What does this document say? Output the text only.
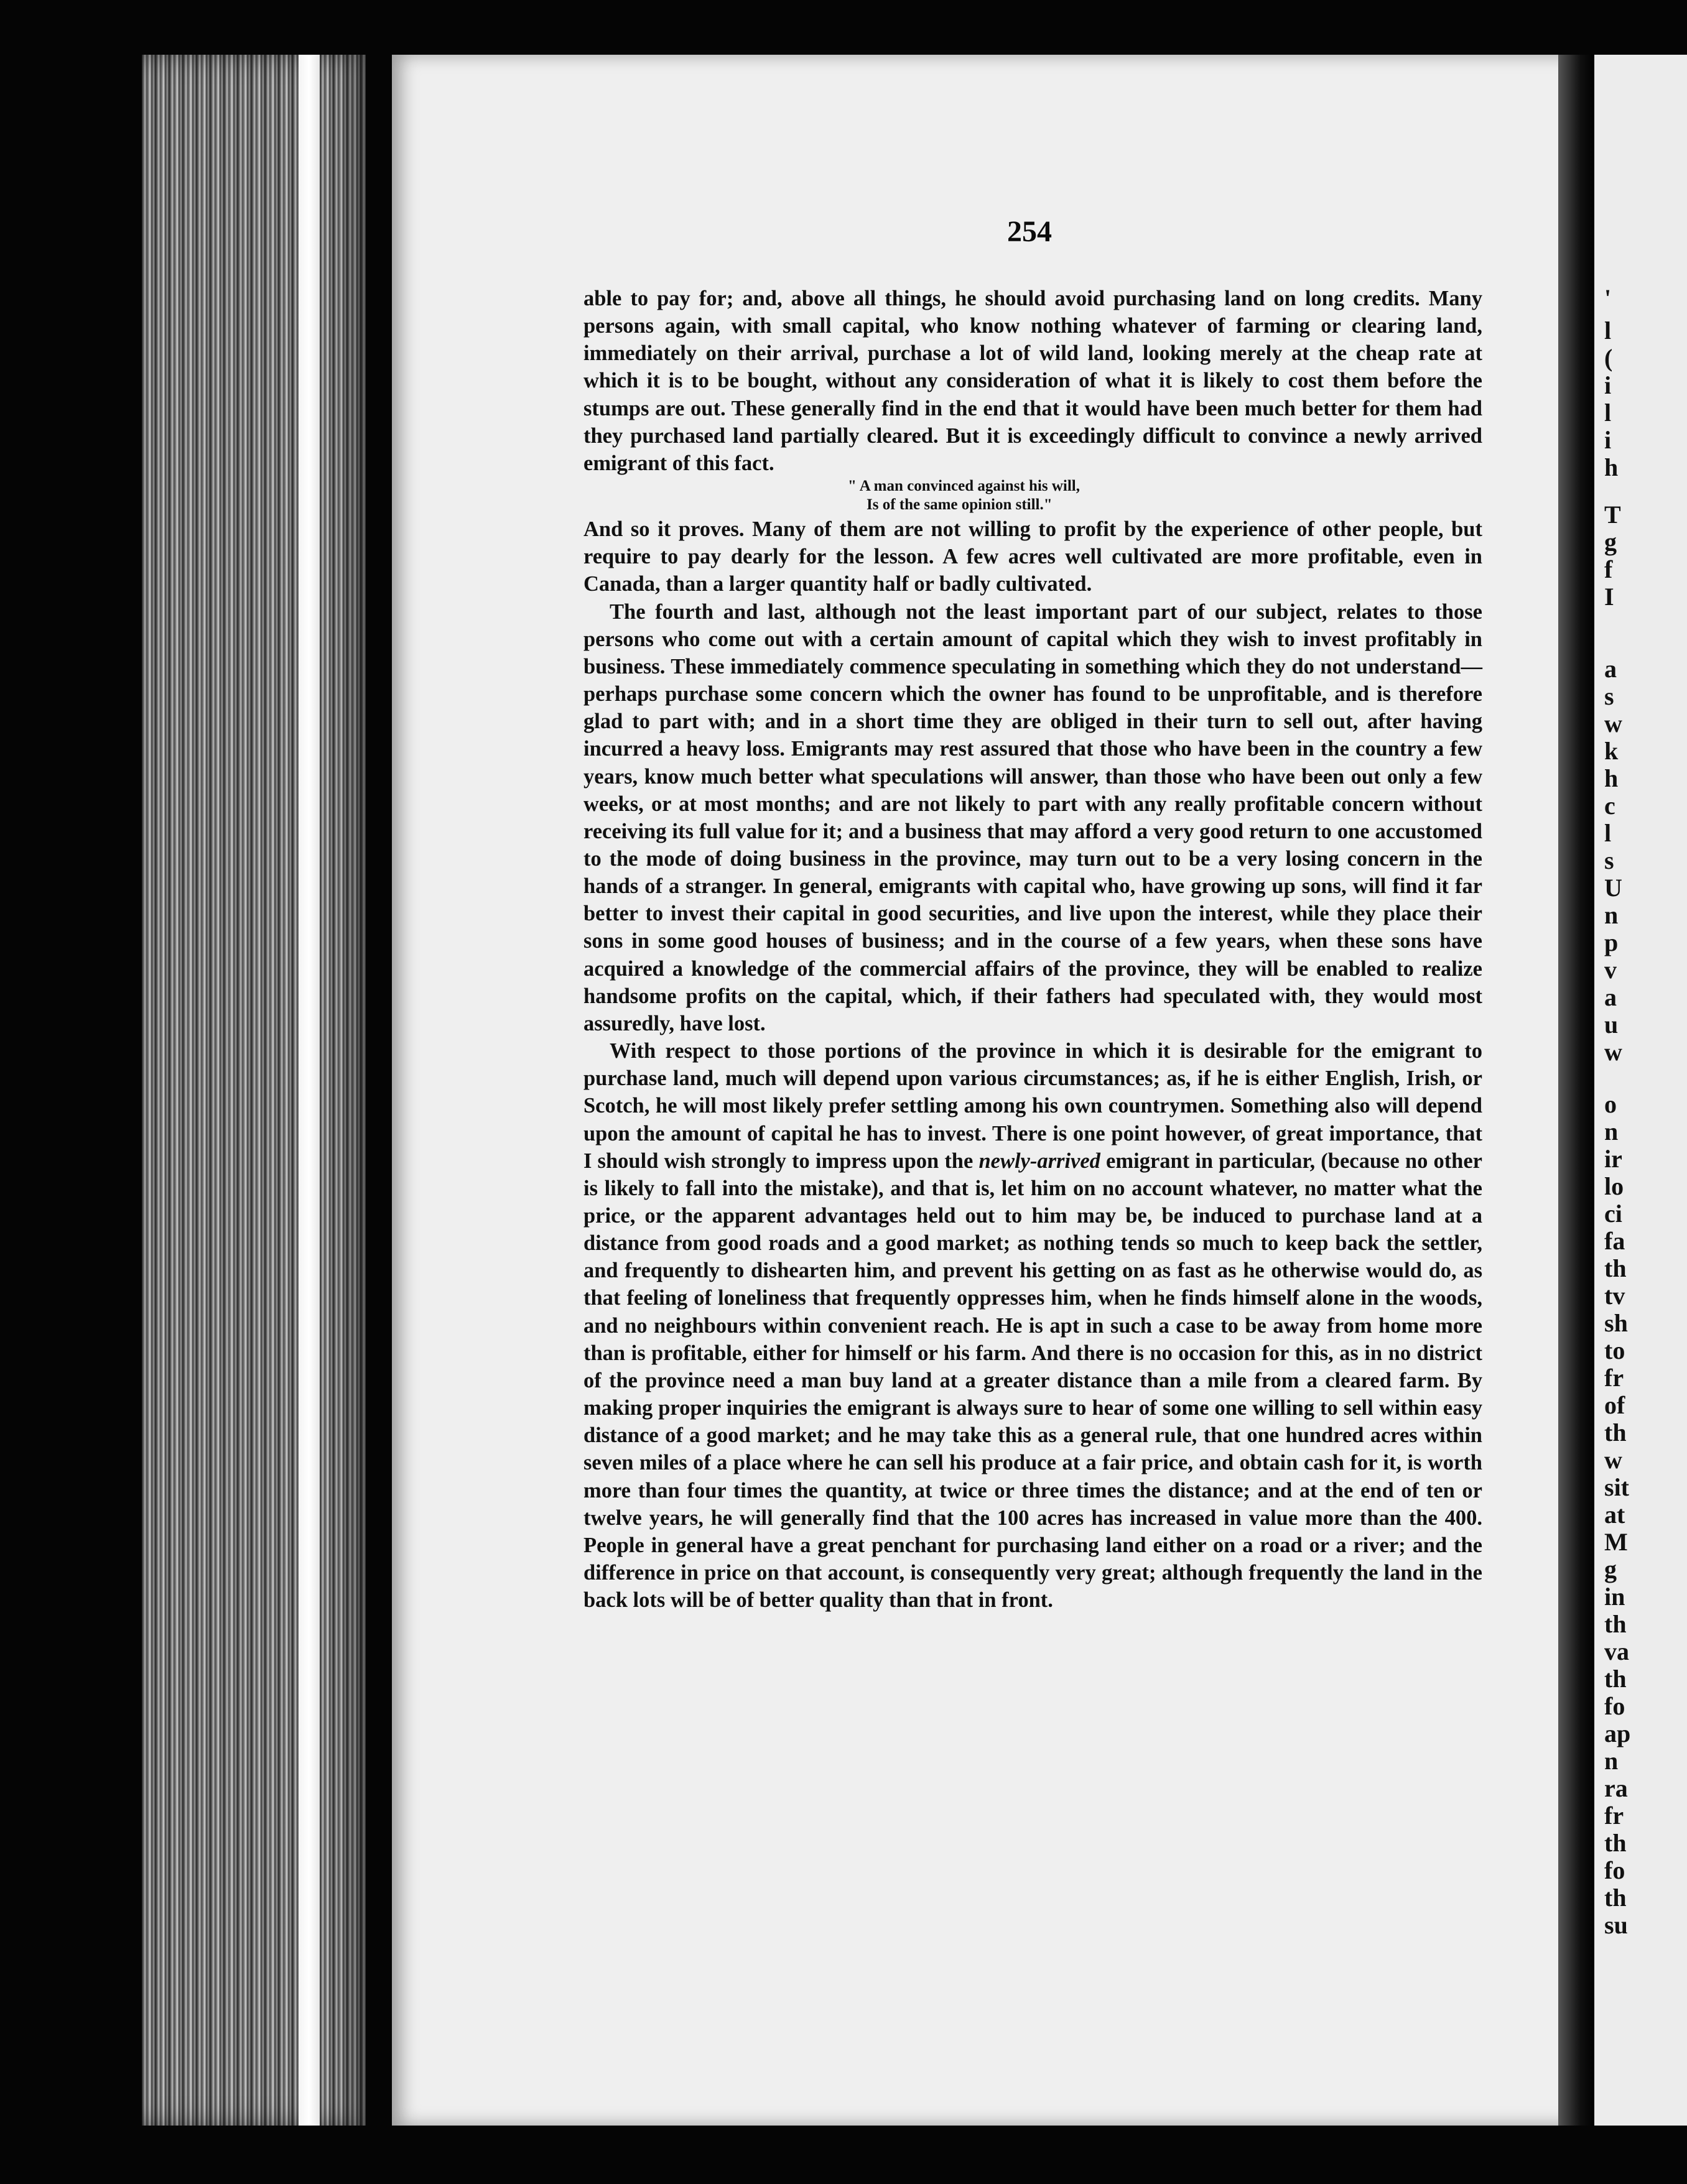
'

l

(

i

l

i

h

T

g

f

I

a

s

w

k

h

c

l

s

U

n

p

v

a

u

w

o

n

ir

lo

ci

fa

th

tv

sh

to

fr

of

th

w

sit

at

M

g

in

th

va

th

fo

ap

n

ra

fr

th

fo

th

su

254

able to pay for; and, above all things, he should avoid purchasing land on long credits. Many persons again, with small capital, who know nothing whatever of farming or clearing land, immediately on their arrival, purchase a lot of wild land, looking merely at the cheap rate at which it is to be bought, without any consideration of what it is likely to cost them before the stumps are out. These generally find in the end that it would have been much better for them had they purchased land partially cleared. But it is exceedingly difficult to convince a newly arrived emigrant of this fact.

" A man convinced against his will,
Is of the same opinion still."

And so it proves. Many of them are not willing to profit by the experience of other people, but require to pay dearly for the lesson. A few acres well cultivated are more profitable, even in Canada, than a larger quantity half or badly cultivated.

The fourth and last, although not the least important part of our subject, relates to those persons who come out with a certain amount of capital which they wish to invest profitably in business. These immediately commence speculating in something which they do not understand—perhaps purchase some concern which the owner has found to be unprofitable, and is therefore glad to part with; and in a short time they are obliged in their turn to sell out, after having incurred a heavy loss. Emigrants may rest assured that those who have been in the country a few years, know much better what speculations will answer, than those who have been out only a few weeks, or at most months; and are not likely to part with any really profitable concern without receiving its full value for it; and a business that may afford a very good return to one accustomed to the mode of doing business in the province, may turn out to be a very losing concern in the hands of a stranger. In general, emigrants with capital who, have growing up sons, will find it far better to invest their capital in good securities, and live upon the interest, while they place their sons in some good houses of business; and in the course of a few years, when these sons have acquired a knowledge of the commercial affairs of the province, they will be enabled to realize handsome profits on the capital, which, if their fathers had speculated with, they would most assuredly, have lost.

With respect to those portions of the province in which it is desirable for the emigrant to purchase land, much will depend upon various circumstances; as, if he is either English, Irish, or Scotch, he will most likely prefer settling among his own countrymen. Something also will depend upon the amount of capital he has to invest. There is one point however, of great importance, that I should wish strongly to impress upon the newly-arrived emigrant in particular, (because no other is likely to fall into the mistake), and that is, let him on no account whatever, no matter what the price, or the apparent advantages held out to him may be, be induced to purchase land at a distance from good roads and a good market; as nothing tends so much to keep back the settler, and frequently to dishearten him, and prevent his getting on as fast as he otherwise would do, as that feeling of loneliness that frequently oppresses him, when he finds himself alone in the woods, and no neighbours within convenient reach. He is apt in such a case to be away from home more than is profitable, either for himself or his farm. And there is no occasion for this, as in no district of the province need a man buy land at a greater distance than a mile from a cleared farm. By making proper inquiries the emigrant is always sure to hear of some one willing to sell within easy distance of a good market; and he may take this as a general rule, that one hundred acres within seven miles of a place where he can sell his produce at a fair price, and obtain cash for it, is worth more than four times the quantity, at twice or three times the distance; and at the end of ten or twelve years, he will generally find that the 100 acres has increased in value more than the 400. People in general have a great penchant for purchasing land either on a road or a river; and the difference in price on that account, is consequently very great; although frequently the land in the back lots will be of better quality than that in front.
